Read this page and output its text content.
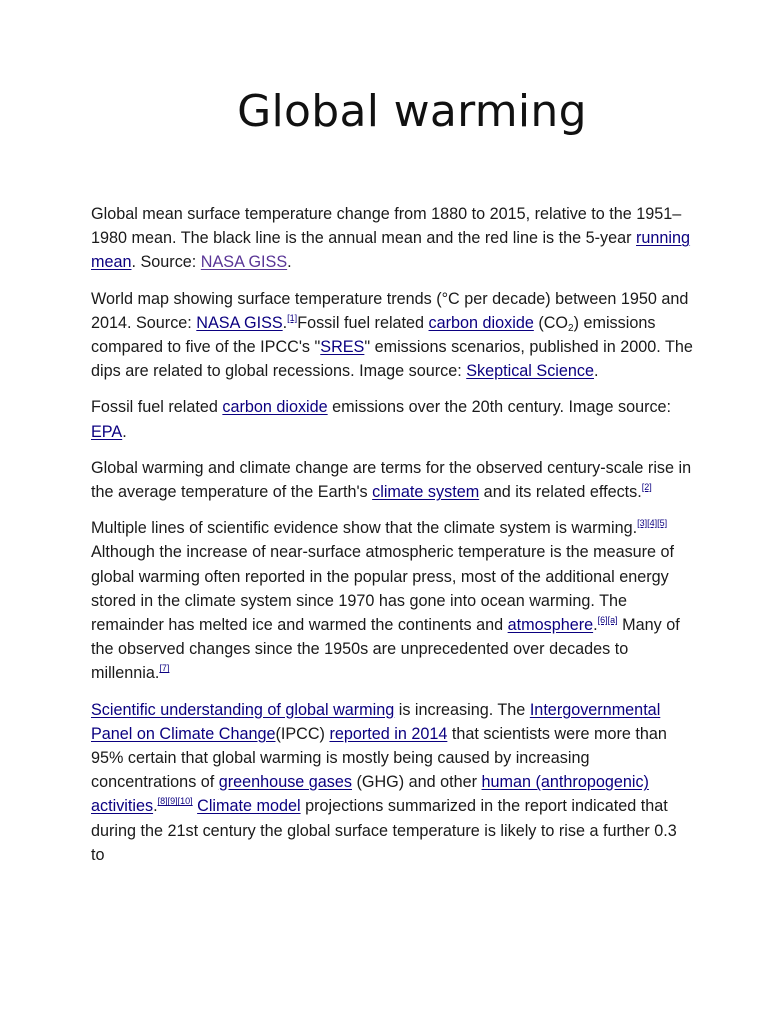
Global warming

Global mean surface temperature change from 1880 to 2015, relative to the 1951–1980 mean. The black line is the annual mean and the red line is the 5-year running mean. Source: NASA GISS.

World map showing surface temperature trends (°C per decade) between 1950 and 2014. Source: NASA GISS.[1]Fossil fuel related carbon dioxide $(CO_2)$ emissions compared to five of the IPCC's "SRES" emissions scenarios, published in 2000. The dips are related to global recessions. Image source: Skeptical Science.

Fossil fuel related carbon dioxide emissions over the 20th century. Image source: EPA.

Global warming and climate change are terms for the observed century-scale rise in the average temperature of the Earth's climate system and its related effects.[2]

Multiple lines of scientific evidence show that the climate system is warming.[3][4][5] Although the increase of near-surface atmospheric temperature is the measure of global warming often reported in the popular press, most of the additional energy stored in the climate system since 1970 has gone into ocean warming. The remainder has melted ice and warmed the continents and atmosphere.[6][a] Many of the observed changes since the 1950s are unprecedented over decades to millennia.[7]

Scientific understanding of global warming is increasing. The Intergovernmental Panel on Climate Change(IPCC) reported in 2014 that scientists were more than 95% certain that global warming is mostly being caused by increasing concentrations of greenhouse gases (GHG) and other human (anthropogenic) activities.[8][9][10] Climate model projections summarized in the report indicated that during the 21st century the global surface temperature is likely to rise a further 0.3 to
